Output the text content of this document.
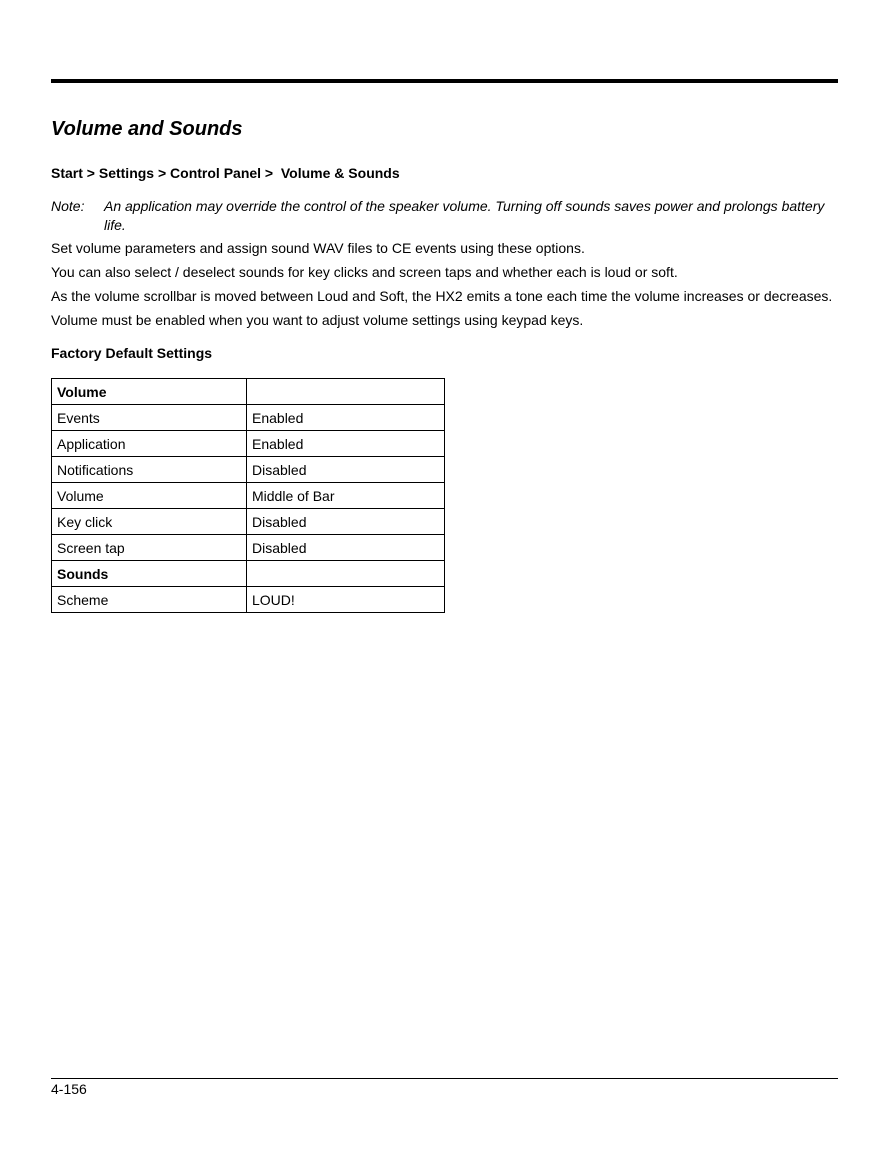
Volume and Sounds

Start > Settings > Control Panel >  Volume & Sounds

Note: An application may override the control of the speaker volume. Turning off sounds saves power and prolongs battery life.

Set volume parameters and assign sound WAV files to CE events using these options.

You can also select / deselect sounds for key clicks and screen taps and whether each is loud or soft.

As the volume scrollbar is moved between Loud and Soft, the HX2 emits a tone each time the volume increases or decreases.

Volume must be enabled when you want to adjust volume settings using keypad keys.

Factory Default Settings
Volume	
Events	Enabled
Application	Enabled
Notifications	Disabled
Volume	Middle of Bar
Key click	Disabled
Screen tap	Disabled
Sounds	
Scheme	LOUD!
4-156
